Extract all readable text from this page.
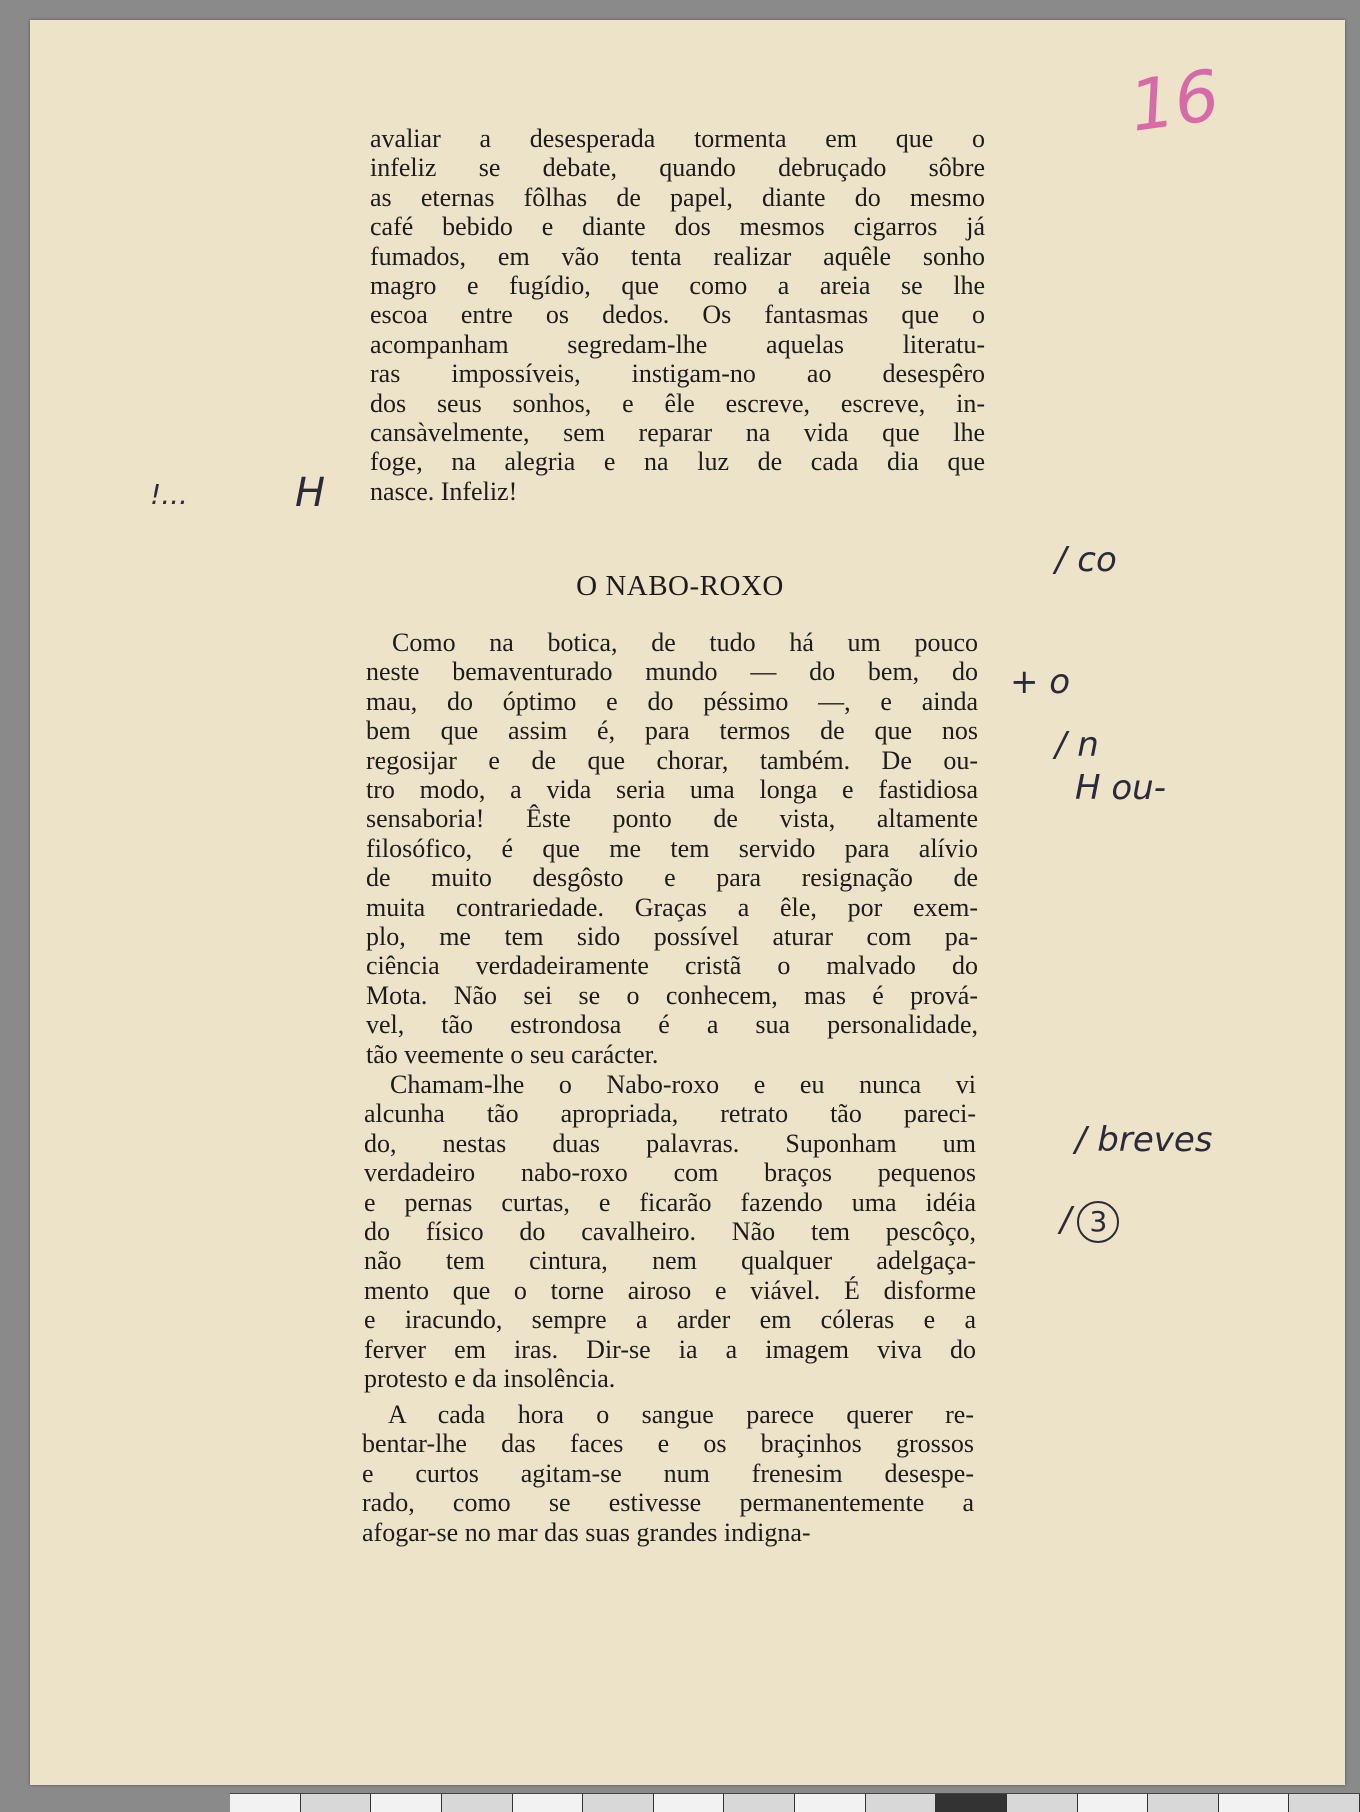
16
avaliar a desesperada tormenta em que o
infeliz se debate, quando debruçado sôbre
as eternas fôlhas de papel, diante do mesmo
café bebido e diante dos mesmos cigarros já
fumados, em vão tenta realizar aquêle sonho
magro e fugídio, que como a areia se lhe
escoa entre os dedos. Os fantasmas que o
acompanham segredam-lhe aquelas literatu-
ras impossíveis, instigam-no ao desespêro
dos seus sonhos, e êle escreve, escreve, in-
cansàvelmente, sem reparar na vida que lhe
foge, na alegria e na luz de cada dia que
nasce. Infeliz!
O NABO-ROXO
Como na botica, de tudo há um pouco
neste bemaventurado mundo — do bem, do
mau, do óptimo e do péssimo —, e ainda
bem que assim é, para termos de que nos
regosijar e de que chorar, também. De ou-
tro modo, a vida seria uma longa e fastidiosa
sensaboria! Êste ponto de vista, altamente
filosófico, é que me tem servido para alívio
de muito desgôsto e para resignação de
muita contrariedade. Graças a êle, por exem-
plo, me tem sido possível aturar com pa-
ciência verdadeiramente cristã o malvado do
Mota. Não sei se o conhecem, mas é prová-
vel, tão estrondosa é a sua personalidade,
tão veemente o seu carácter.
Chamam-lhe o Nabo-roxo e eu nunca vi
alcunha tão apropriada, retrato tão pareci-
do, nestas duas palavras. Suponham um
verdadeiro nabo-roxo com braços pequenos
e pernas curtas, e ficarão fazendo uma idéia
do físico do cavalheiro. Não tem pescôço,
não tem cintura, nem qualquer adelgaça-
mento que o torne airoso e viável. É disforme
e iracundo, sempre a arder em cóleras e a
ferver em iras. Dir-se ia a imagem viva do
protesto e da insolência.
A cada hora o sangue parece querer re-
bentar-lhe das faces e os braçinhos grossos
e curtos agitam-se num frenesim desespe-
rado, como se estivesse permanentemente a
afogar-se no mar das suas grandes indigna-
!...	H
/ co
+ o
/ n
H ou-
/ breves
/ 3
